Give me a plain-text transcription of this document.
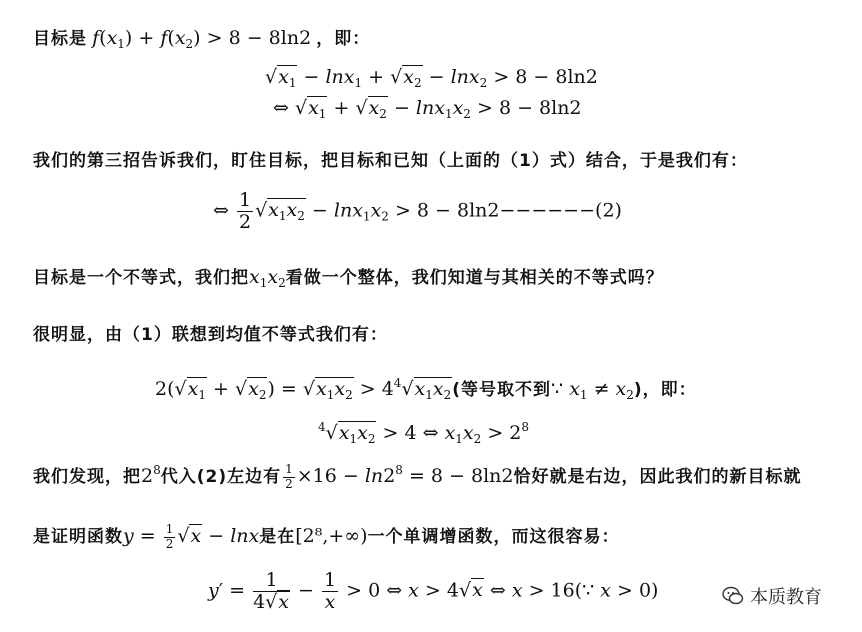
目标是 $f(x_1) + f(x_2) > 8 - 8\ln 2$ ，即：
$√x_1 - \ln x_1 + √x_2 - \ln x_2 > 8 - 8\ln 2$
⇔ $√x_1 + √x_2 - \ln x_1x_2 > 8 - 8\ln 2$
我们的第三招告诉我们，盯住目标，把目标和已知（上面的（1）式）结合，于是我们有：
⇔ $\frac{1}{2} √x_1x_2 - \ln x_1x_2 > 8 - 8\ln 2------(2)$
目标是一个不等式，我们把$x_1x_2$看做一个整体，我们知道与其相关的不等式吗？
很明显，由（1）联想到均值不等式我们有：
$2(√x_1 + √x_2) = √x_1x_2 > 4^4√x_1x_2$(等号取不到∵ $x_1 \ne x_2$)，即：
$^4√x_1x_2 > 4$ ⇔ $x_1x_2 > 2^8$
我们发现，把$2^8$代入(2)左边有 $\frac{1}{2} \times 16 - \ln 2^8 = 8 - 8\ln 2$恰好就是右边，因此我们的新目标就
是证明函数$y = \frac{1}{2} √x - \ln x$是在[2⁸,+∞)一个单调增函数，而这很容易：
$y' = \frac{1}{4√x} - \frac{1}{x} > 0$ ⇔ x > 4√x ⇔ x > 16(∵ x > 0)	本质教育
